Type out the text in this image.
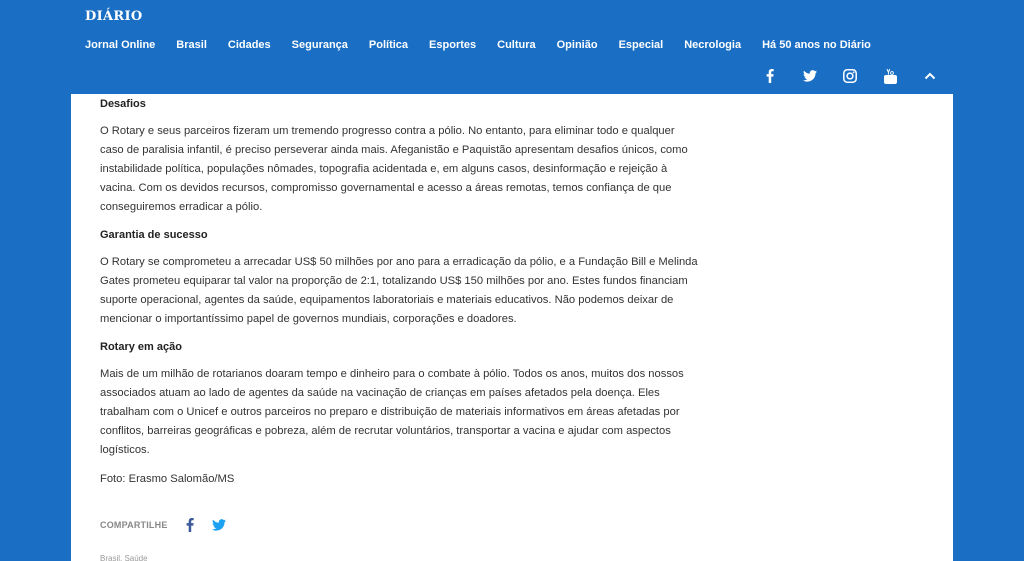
DIÁRIO
Jornal Online Brasil Cidades Segurança Política Esportes Cultura Opinião Especial Necrologia Há 50 anos no Diário
Desafios

O Rotary e seus parceiros fizeram um tremendo progresso contra a pólio. No entanto, para eliminar todo e qualquer caso de paralisia infantil, é preciso perseverar ainda mais. Afeganistão e Paquistão apresentam desafios únicos, como instabilidade política, populações nômades, topografia acidentada e, em alguns casos, desinformação e rejeição à vacina. Com os devidos recursos, compromisso governamental e acesso a áreas remotas, temos confiança de que conseguiremos erradicar a pólio.

Garantia de sucesso

O Rotary se comprometeu a arrecadar US$ 50 milhões por ano para a erradicação da pólio, e a Fundação Bill e Melinda Gates prometeu equiparar tal valor na proporção de 2:1, totalizando US$ 150 milhões por ano. Estes fundos financiam suporte operacional, agentes da saúde, equipamentos laboratoriais e materiais educativos. Não podemos deixar de mencionar o importantíssimo papel de governos mundiais, corporações e doadores.

Rotary em ação

Mais de um milhão de rotarianos doaram tempo e dinheiro para o combate à pólio. Todos os anos, muitos dos nossos associados atuam ao lado de agentes da saúde na vacinação de crianças em países afetados pela doença. Eles trabalham com o Unicef e outros parceiros no preparo e distribuição de materiais informativos em áreas afetadas por conflitos, barreiras geográficas e pobreza, além de recrutar voluntários, transportar a vacina e ajudar com aspectos logísticos.

Foto: Erasmo Salomão/MS

COMPARTILHE
Brasil, Saúde
